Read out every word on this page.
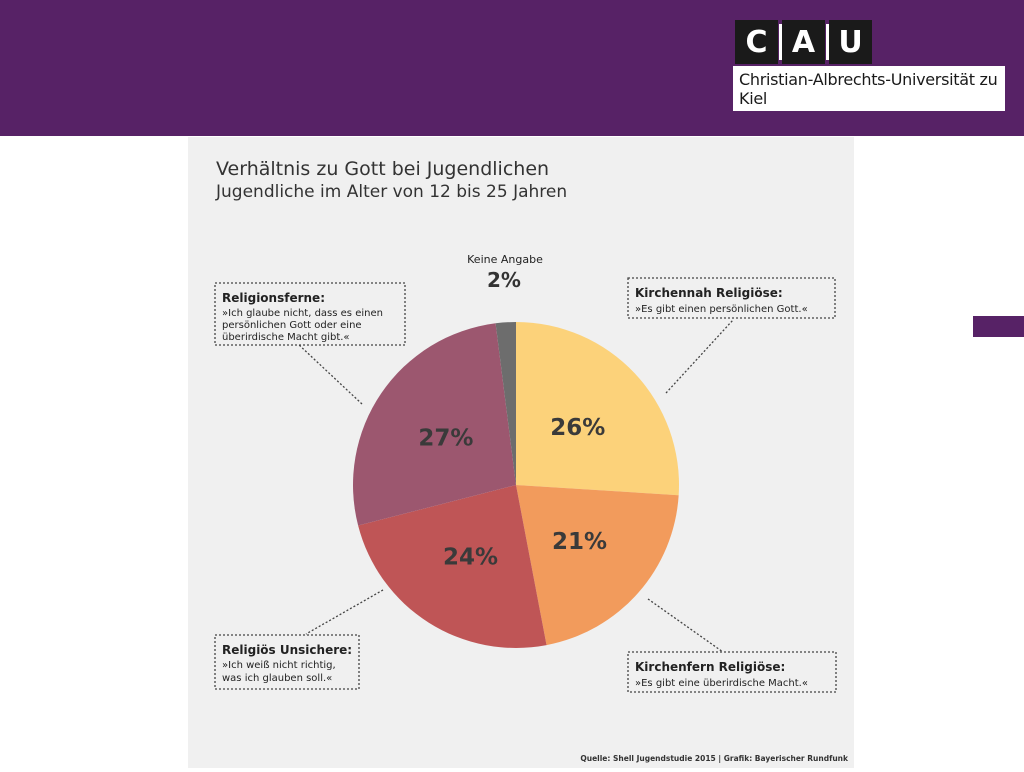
C A U
Christian-Albrechts-Universität zu Kiel
Verhältnis zu Gott bei Jugendlichen
Jugendliche im Alter von 12 bis 25 Jahren
26%
21%
24%
27%
Religionsferne:
»Ich glaube nicht, dass es einen persönlichen Gott oder eine überirdische Macht gibt.«
Keine Angabe
2%
Kirchennah Religiöse:
»Es gibt einen persönlichen Gott.«
Religiös Unsichere:
»Ich weiß nicht richtig, was ich glauben soll.«
Kirchenfern Religiöse:
»Es gibt eine überirdische Macht.«
Quelle: Shell Jugendstudie 2015 | Grafik: Bayerischer Rundfunk
